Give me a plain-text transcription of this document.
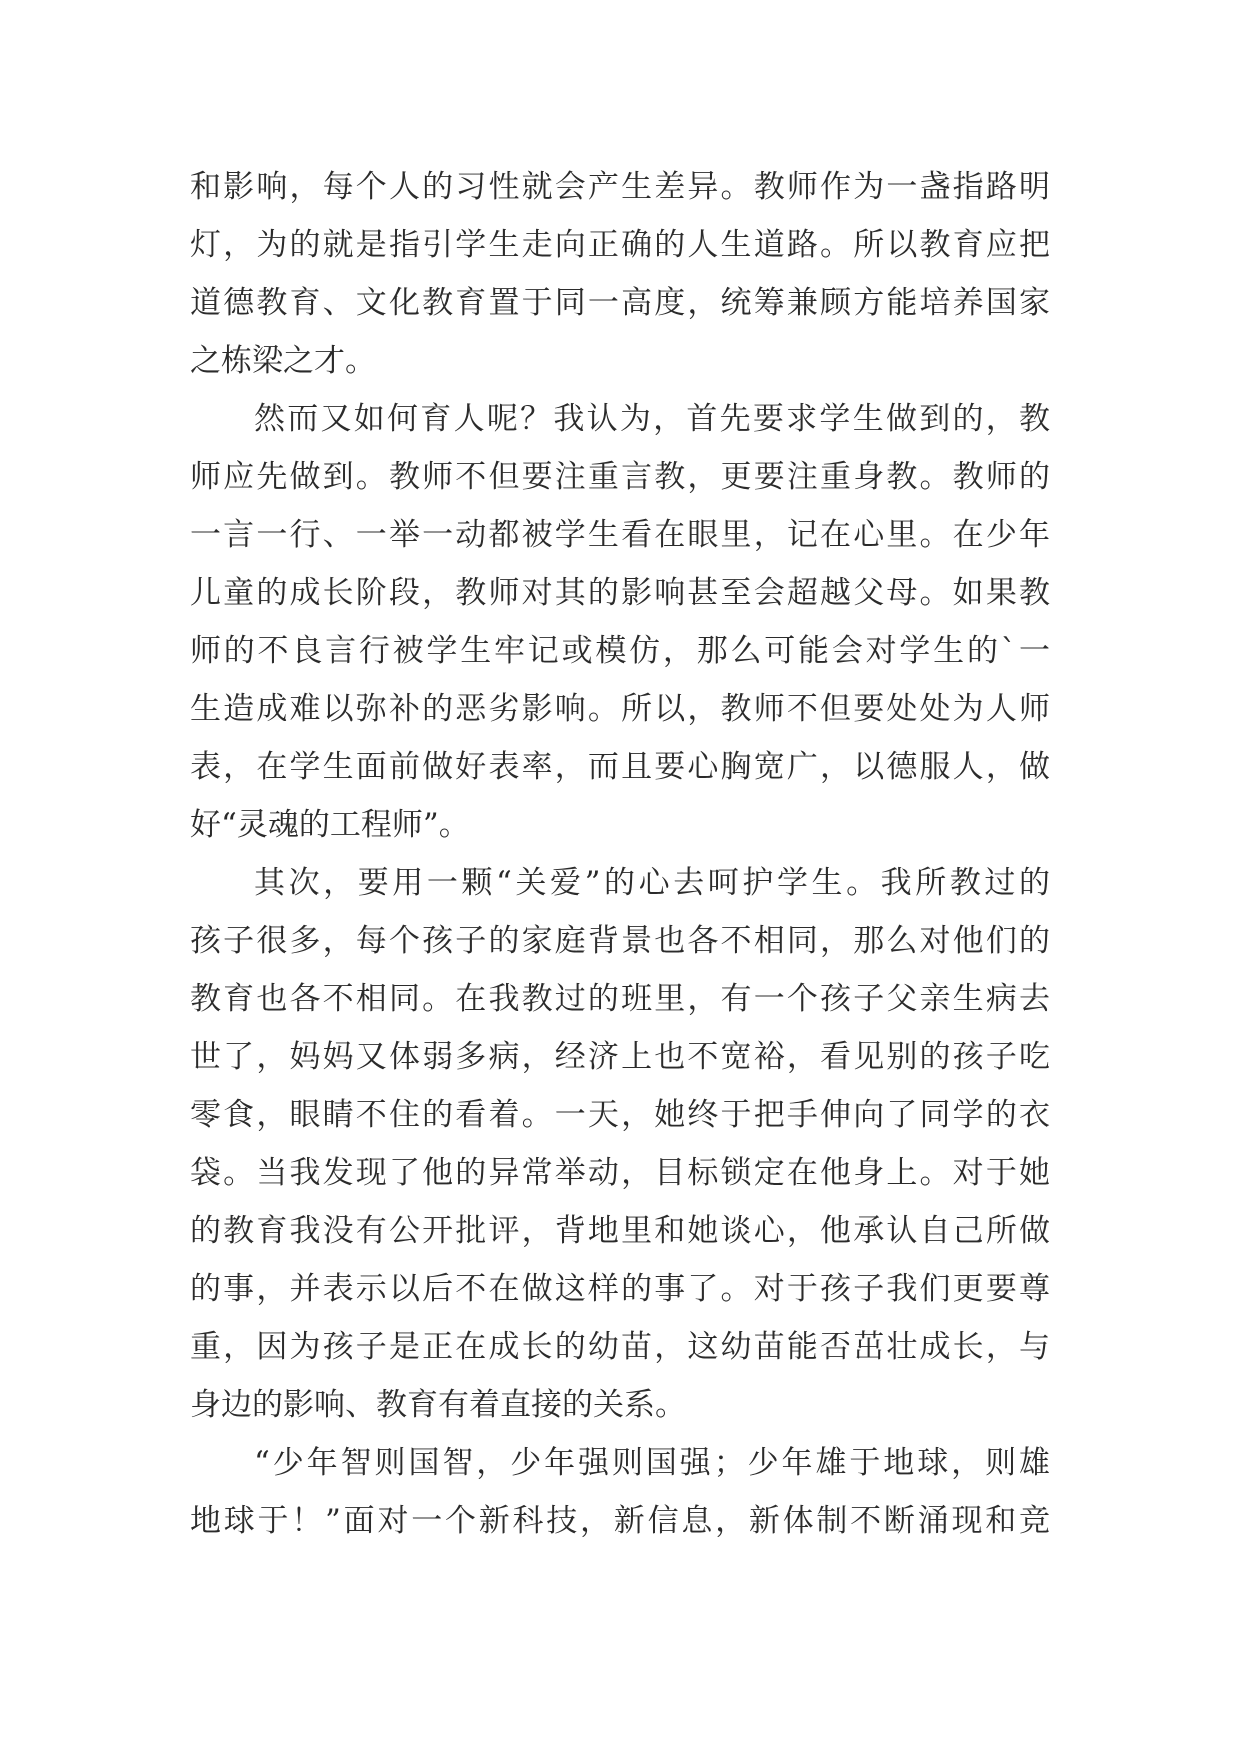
和影响，每个人的习性就会产生差异。教师作为一盏指路明
灯，为的就是指引学生走向正确的人生道路。所以教育应把
道德教育、文化教育置于同一高度，统筹兼顾方能培养国家
之栋梁之才。
然而又如何育人呢？我认为，首先要求学生做到的，教
师应先做到。教师不但要注重言教，更要注重身教。教师的
一言一行、一举一动都被学生看在眼里，记在心里。在少年
儿童的成长阶段，教师对其的影响甚至会超越父母。如果教
师的不良言行被学生牢记或模仿，那么可能会对学生的`一
生造成难以弥补的恶劣影响。所以，教师不但要处处为人师
表，在学生面前做好表率，而且要心胸宽广，以德服人，做
好“灵魂的工程师”。
其次，要用一颗“关爱”的心去呵护学生。我所教过的
孩子很多，每个孩子的家庭背景也各不相同，那么对他们的
教育也各不相同。在我教过的班里，有一个孩子父亲生病去
世了，妈妈又体弱多病，经济上也不宽裕，看见别的孩子吃
零食，眼睛不住的看着。一天，她终于把手伸向了同学的衣
袋。当我发现了他的异常举动，目标锁定在他身上。对于她
的教育我没有公开批评，背地里和她谈心，他承认自己所做
的事，并表示以后不在做这样的事了。对于孩子我们更要尊
重，因为孩子是正在成长的幼苗，这幼苗能否茁壮成长，与
身边的影响、教育有着直接的关系。
“少年智则国智，少年强则国强；少年雄于地球，则雄
地球于！”面对一个新科技，新信息，新体制不断涌现和竞
